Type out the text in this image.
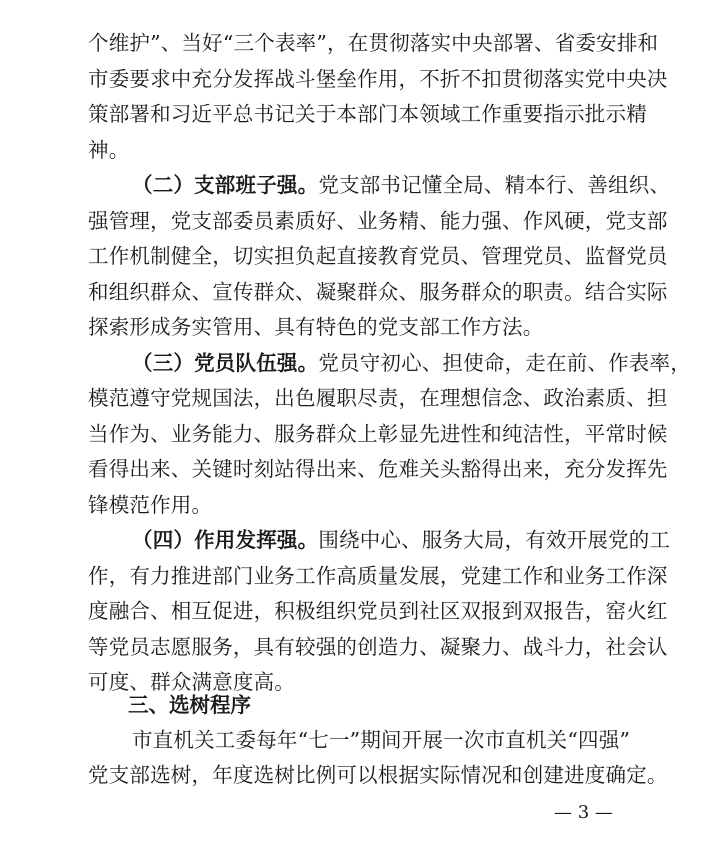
个维护”、当好“三个表率”，在贯彻落实中央部署、省委安排和
市委要求中充分发挥战斗堡垒作用，不折不扣贯彻落实党中央决
策部署和习近平总书记关于本部门本领域工作重要指示批示精
神。
（二）支部班子强。党支部书记懂全局、精本行、善组织、
强管理，党支部委员素质好、业务精、能力强、作风硬，党支部
工作机制健全，切实担负起直接教育党员、管理党员、监督党员
和组织群众、宣传群众、凝聚群众、服务群众的职责。结合实际
探索形成务实管用、具有特色的党支部工作方法。
（三）党员队伍强。党员守初心、担使命，走在前、作表率，
模范遵守党规国法，出色履职尽责，在理想信念、政治素质、担
当作为、业务能力、服务群众上彰显先进性和纯洁性，平常时候
看得出来、关键时刻站得出来、危难关头豁得出来，充分发挥先
锋模范作用。
（四）作用发挥强。围绕中心、服务大局，有效开展党的工
作，有力推进部门业务工作高质量发展，党建工作和业务工作深
度融合、相互促进，积极组织党员到社区双报到双报告，窑火红
等党员志愿服务，具有较强的创造力、凝聚力、战斗力，社会认
可度、群众满意度高。
三、选树程序
市直机关工委每年“七一”期间开展一次市直机关“四强”
党支部选树，年度选树比例可以根据实际情况和创建进度确定。
— 3 —
